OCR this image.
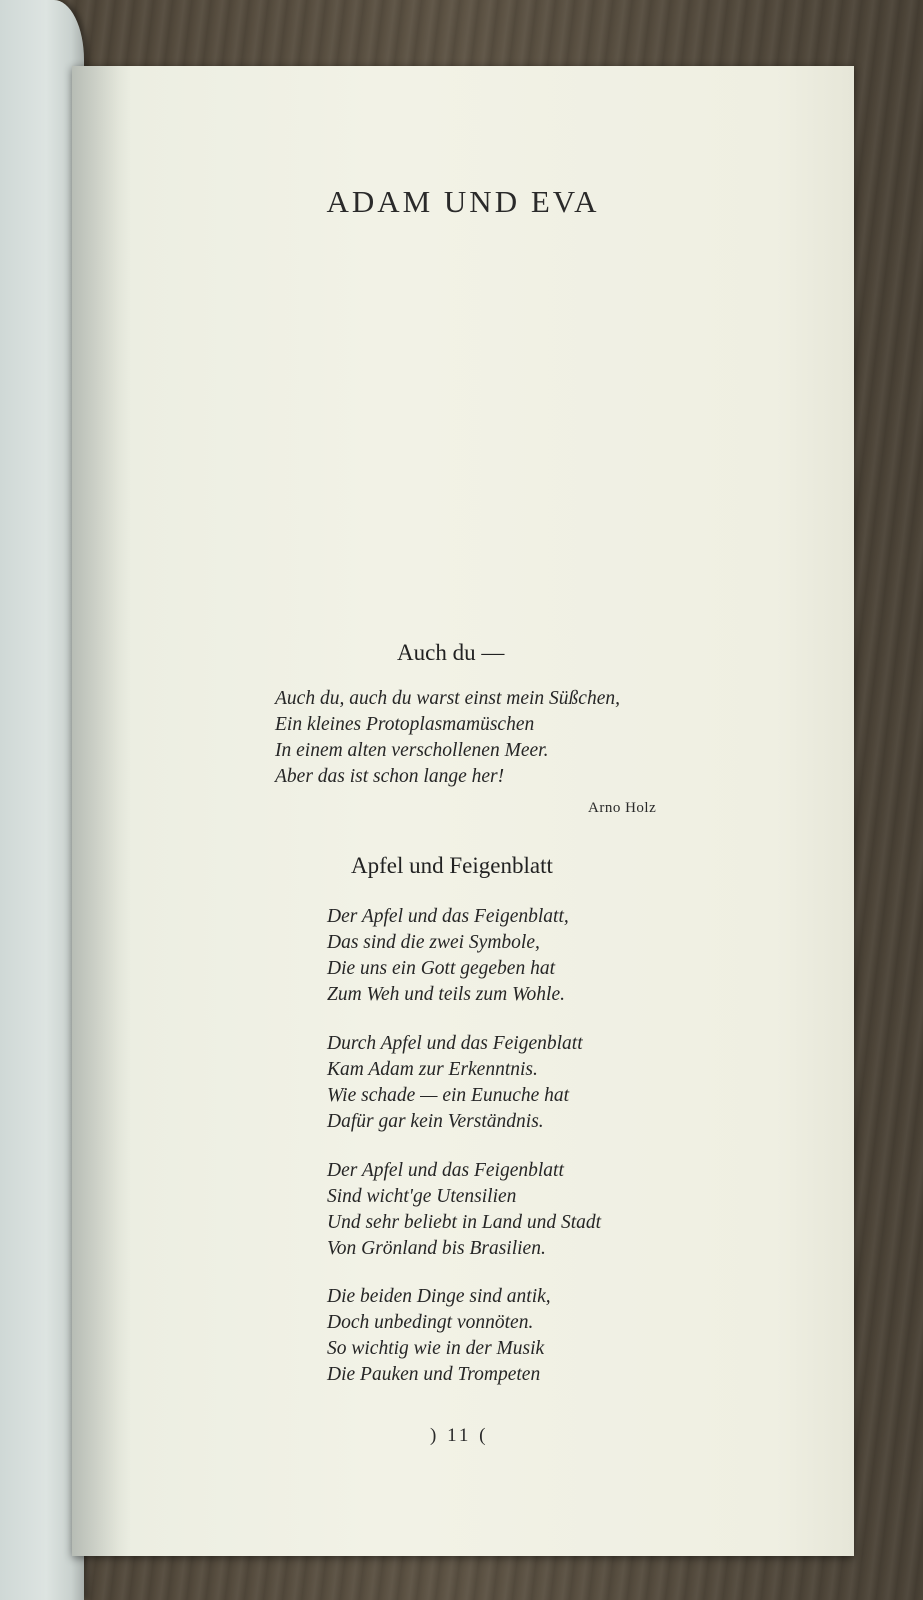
ADAM UND EVA
Auch du —
Auch du, auch du warst einst mein Süßchen,
Ein kleines Protoplasmamüschen
In einem alten verschollenen Meer.
Aber das ist schon lange her!
Arno Holz
Apfel und Feigenblatt
Der Apfel und das Feigenblatt,
Das sind die zwei Symbole,
Die uns ein Gott gegeben hat
Zum Weh und teils zum Wohle.
Durch Apfel und das Feigenblatt
Kam Adam zur Erkenntnis.
Wie schade — ein Eunuche hat
Dafür gar kein Verständnis.
Der Apfel und das Feigenblatt
Sind wicht'ge Utensilien
Und sehr beliebt in Land und Stadt
Von Grönland bis Brasilien.
Die beiden Dinge sind antik,
Doch unbedingt vonnöten.
So wichtig wie in der Musik
Die Pauken und Trompeten
) 11 (
